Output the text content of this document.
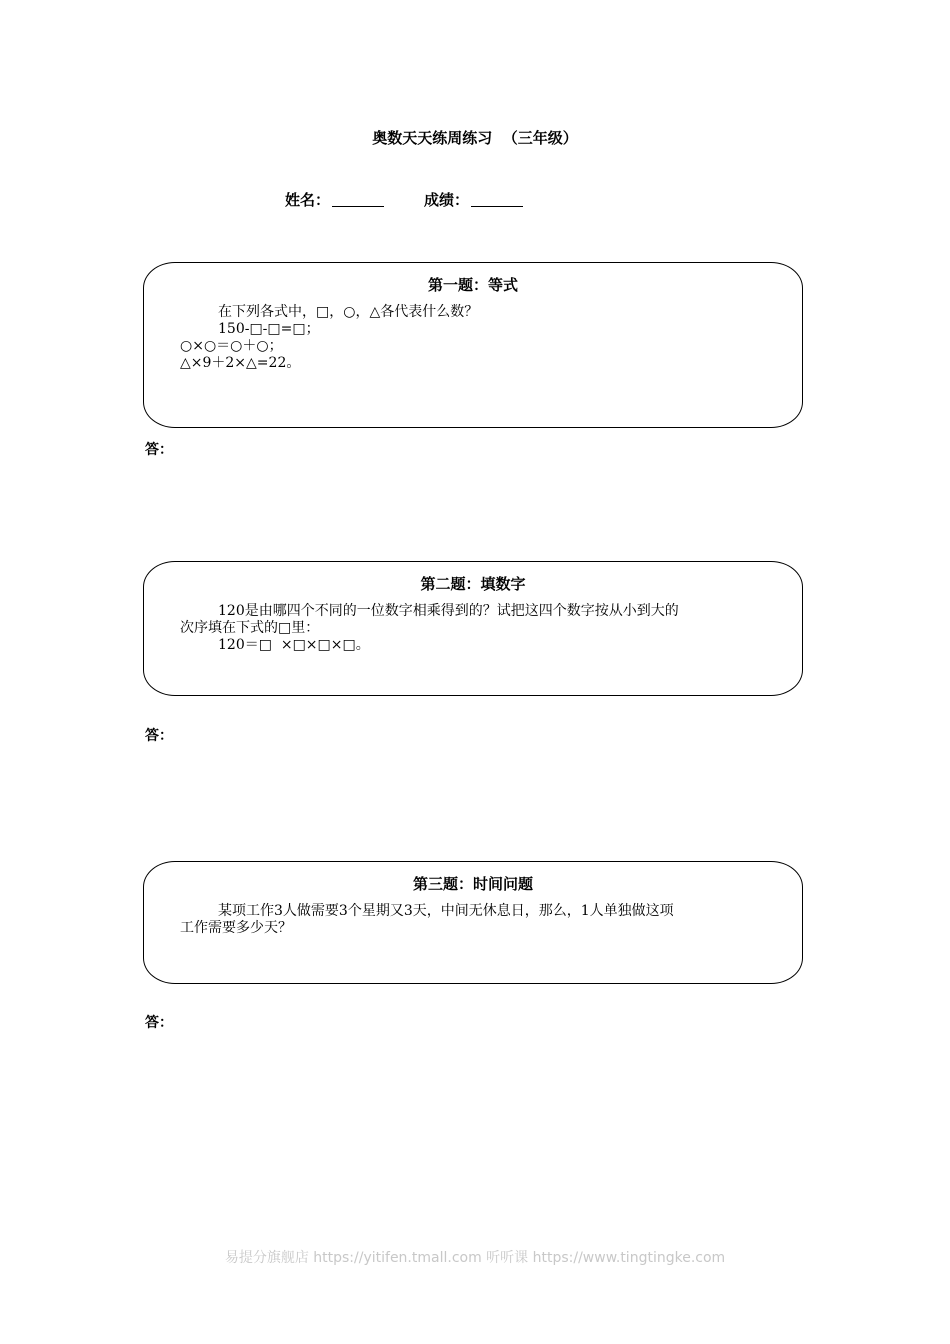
奥数天天练周练习  （三年级）
姓名：	成绩：
第一题：等式
在下列各式中，□，○，△各代表什么数？
150-□-□=□；
○×○＝○＋○；
△×9＋2×△=22。
答：
第二题：填数字
120是由哪四个不同的一位数字相乘得到的？试把这四个数字按从小到大的
次序填在下式的□里：
120＝□  ×□×□×□。
答：
第三题：时间问题
某项工作3人做需要3个星期又3天，中间无休息日，那么，1人单独做这项
工作需要多少天？
答：
易提分旗舰店 https://yitifen.tmall.com 听听课 https://www.tingtingke.com
